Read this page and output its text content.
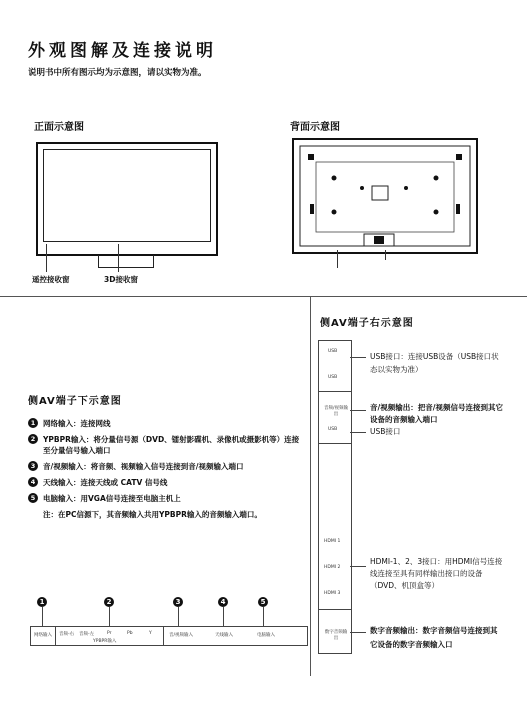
外观图解及连接说明
说明书中所有图示均为示意图，请以实物为准。
正面示意图
遥控接收窗	3D接收窗
背面示意图
侧AV端子下示意图
1	网络输入：连接网线
2	YPBPR输入：将分量信号源（DVD、镭射影碟机、录像机或摄影机等）连接至分量信号输入端口
3	音/视频输入：将音频、视频输入信号连接到音/视频输入端口
4	天线输入：连接天线或 CATV 信号线
5	电脑输入：用VGA信号连接至电脑主机上
注：在PC信源下，其音频输入共用YPBPR输入的音频输入端口。
1	2	3	4	5
网络输入 音频-右 音频-左	Pr	Pb	Y
YPBPR输入
音/视频输入	天线输入	电脑输入
侧AV端子右示意图
USB
USB
音频/视频输出
USB
HDMI 1
HDMI 2
HDMI 3
数字音频输出
USB接口：连接USB设备（USB接口状态以实物为准）
音/视频输出：把音/视频信号连接到其它设备的音频输入端口
USB接口
HDMI-1、2、3接口：用HDMI信号连接线连接至具有同样输出接口的设备（DVD、机顶盒等）
数字音频输出：数字音频信号连接到其它设备的数字音频输入口
